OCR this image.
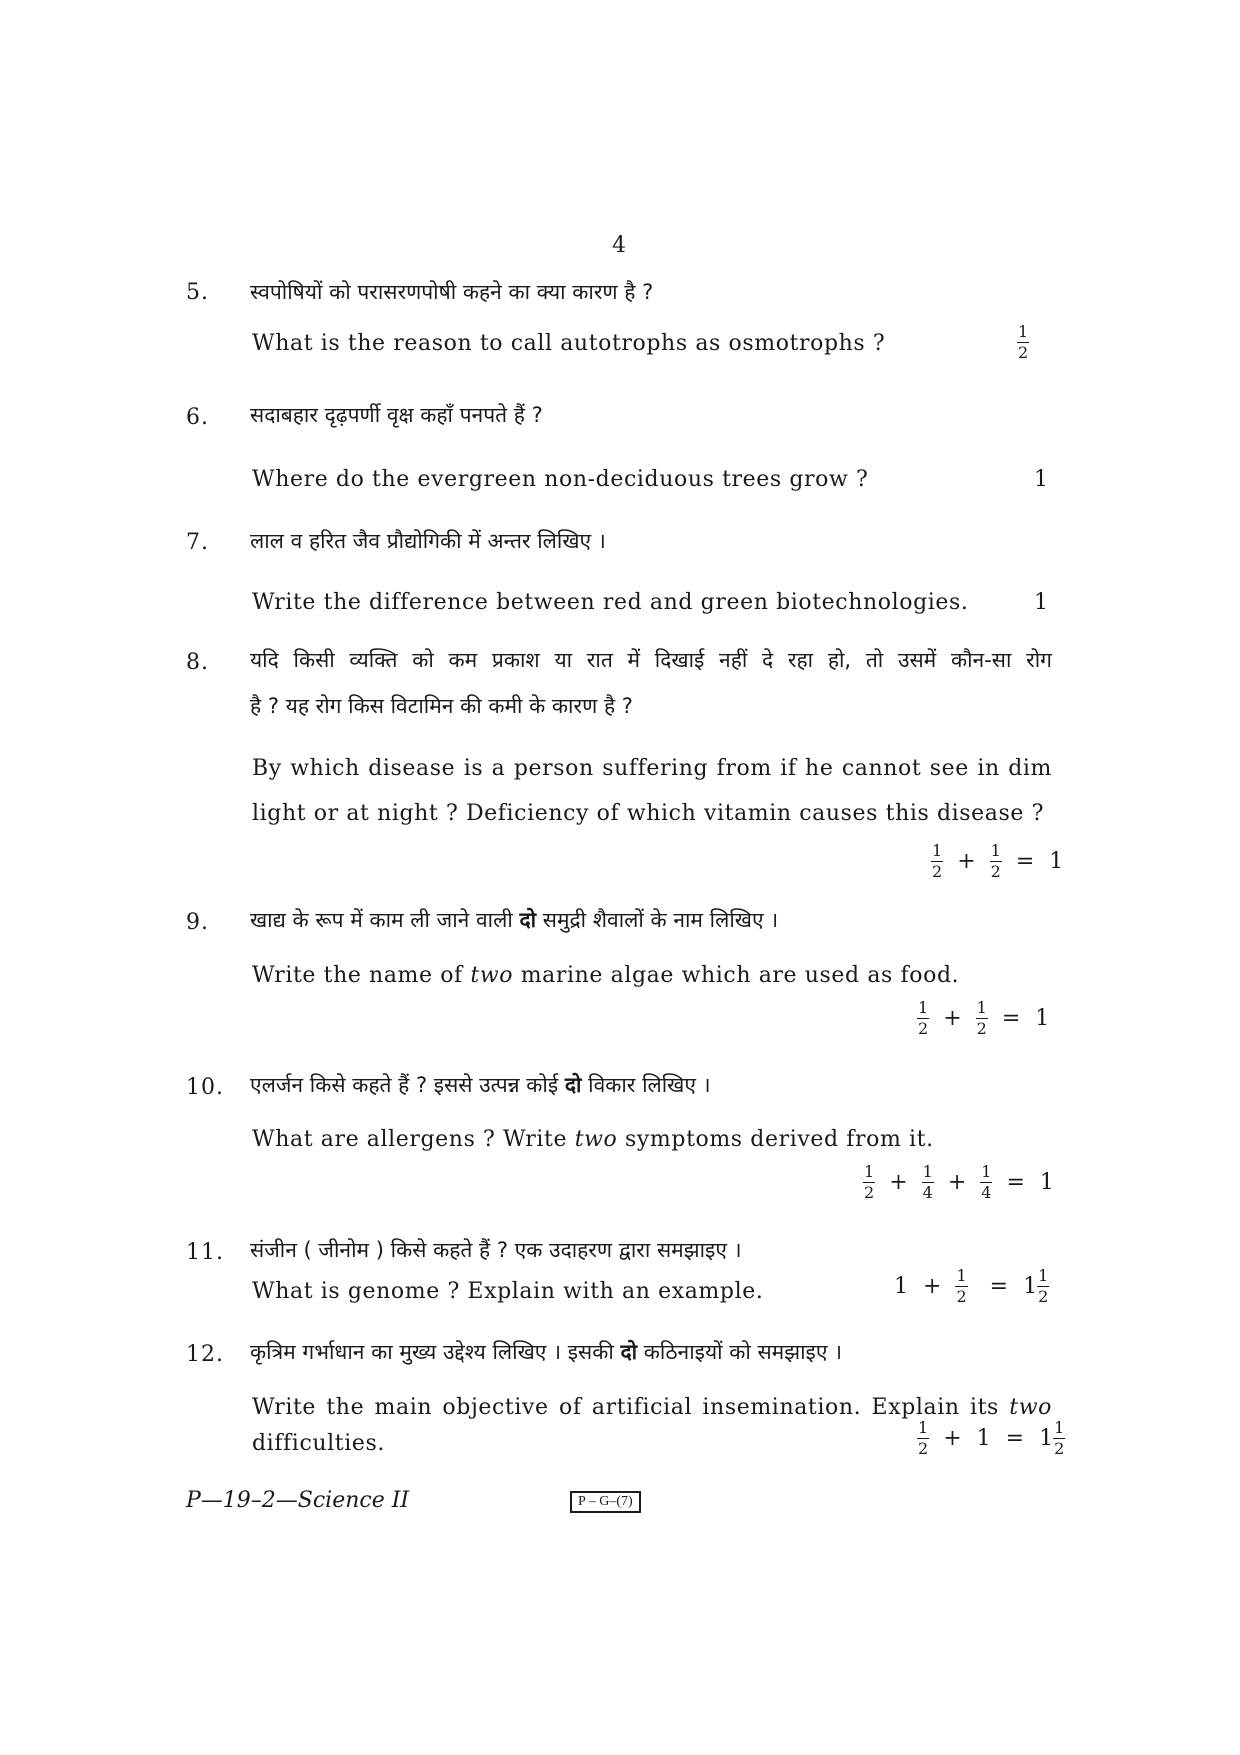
4
5. स्वपोषियों को परासरणपोषी कहने का क्या कारण है ?
What is the reason to call autotrophs as osmotrophs ?	$\frac{1}{2}$
6. सदाबहार दृढ़पर्णी वृक्ष कहाँ पनपते हैं ?
Where do the evergreen non-deciduous trees grow ?	1
7. लाल व हरित जैव प्रौद्योगिकी में अन्तर लिखिए ।
Write the difference between red and green biotechnologies.	1
8. यदि किसी व्यक्ति को कम प्रकाश या रात में दिखाई नहीं दे रहा हो, तो उसमें कौन-सा रोग
है ? यह रोग किस विटामिन की कमी के कारण है ?
By which disease is a person suffering from if he cannot see in dim
light or at night ? Deficiency of which vitamin causes this disease ?
$\frac{1}{2} + \frac{1}{2} = 1$
9. खाद्य के रूप में काम ली जाने वाली दो समुद्री शैवालों के नाम लिखिए ।
Write the name of two marine algae which are used as food.
$\frac{1}{2} + \frac{1}{2} = 1$
10. एलर्जन किसे कहते हैं ? इससे उत्पन्न कोई दो विकार लिखिए ।
What are allergens ? Write two symptoms derived from it.
$\frac{1}{2} + \frac{1}{4} + \frac{1}{4} = 1$
11. संजीन ( जीनोम ) किसे कहते हैं ? एक उदाहरण द्वारा समझाइए ।
What is genome ? Explain with an example.	$1 + \frac{1}{2} = 1 \frac{1}{2}$
12. कृत्रिम गर्भाधान का मुख्य उद्देश्य लिखिए । इसकी दो कठिनाइयों को समझाइए ।
Write the main objective of artificial insemination. Explain its two
difficulties.	$\frac{1}{2} + 1 = 1 \frac{1}{2}$
P—19–2—Science II	P – G–(7)
